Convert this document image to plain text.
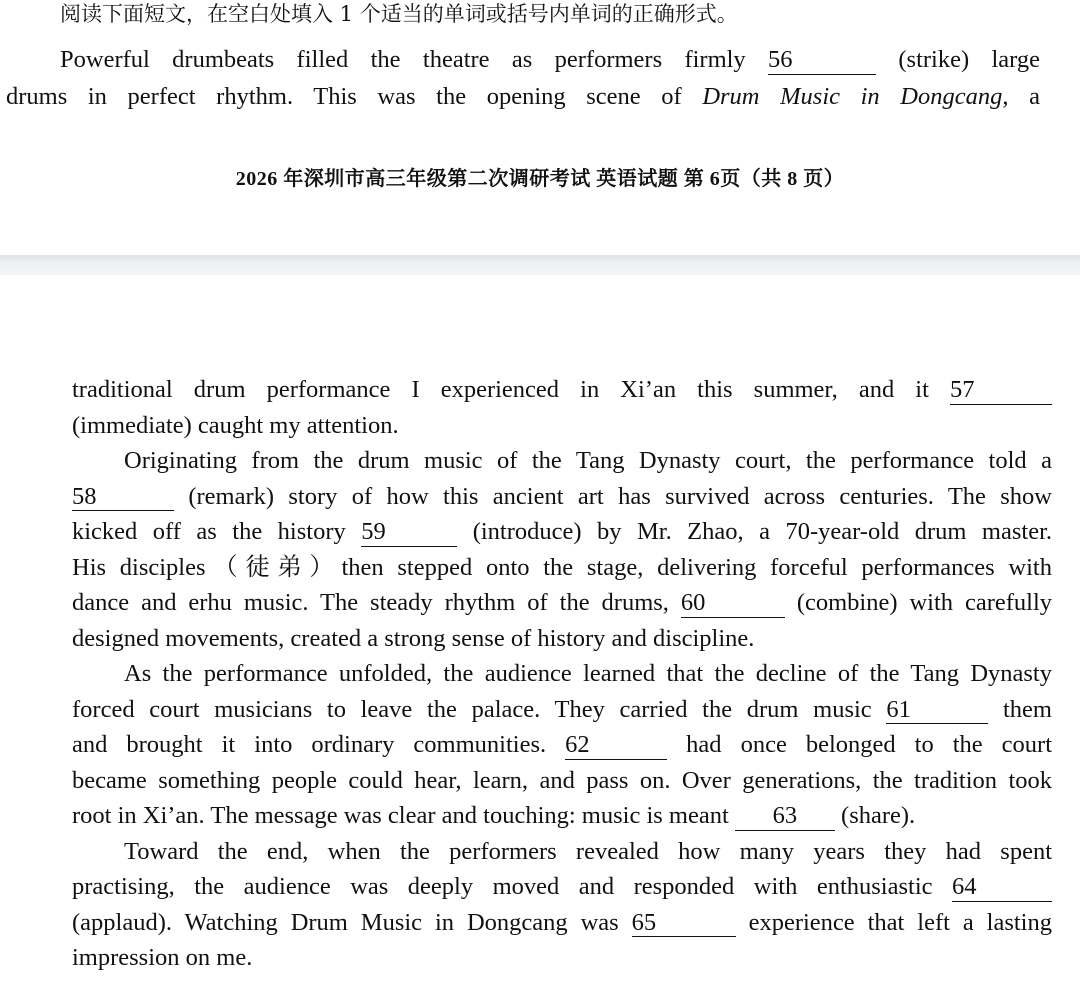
阅读下面短文，在空白处填入 1 个适当的单词或括号内单词的正确形式。
Powerful drumbeats filled the theatre as performers firmly 56	(strike) large
drums in perfect rhythm. This was the opening scene of Drum Music in Dongcang, a
2026 年深圳市高三年级第二次调研考试 英语试题 第 6页（共 8 页）
traditional drum performance I experienced in Xi’an this summer, and it 57
(immediate) caught my attention.
Originating from the drum music of the Tang Dynasty court, the performance told a
58	(remark) story of how this ancient art has survived across centuries. The show
kicked off as the history 59	(introduce) by Mr. Zhao, a 70-year-old drum master.
His disciples（徒弟）then stepped onto the stage, delivering forceful performances with
dance and erhu music. The steady rhythm of the drums, 60	(combine) with carefully
designed movements, created a strong sense of history and discipline.
As the performance unfolded, the audience learned that the decline of the Tang Dynasty
forced court musicians to leave the palace. They carried the drum music 61	them
and brought it into ordinary communities. 62	had once belonged to the court
became something people could hear, learn, and pass on. Over generations, the tradition took
root in Xi’an. The message was clear and touching: music is meant 63 (share).
Toward the end, when the performers revealed how many years they had spent
practising, the audience was deeply moved and responded with enthusiastic 64
(applaud). Watching Drum Music in Dongcang was 65	experience that left a lasting
impression on me.
